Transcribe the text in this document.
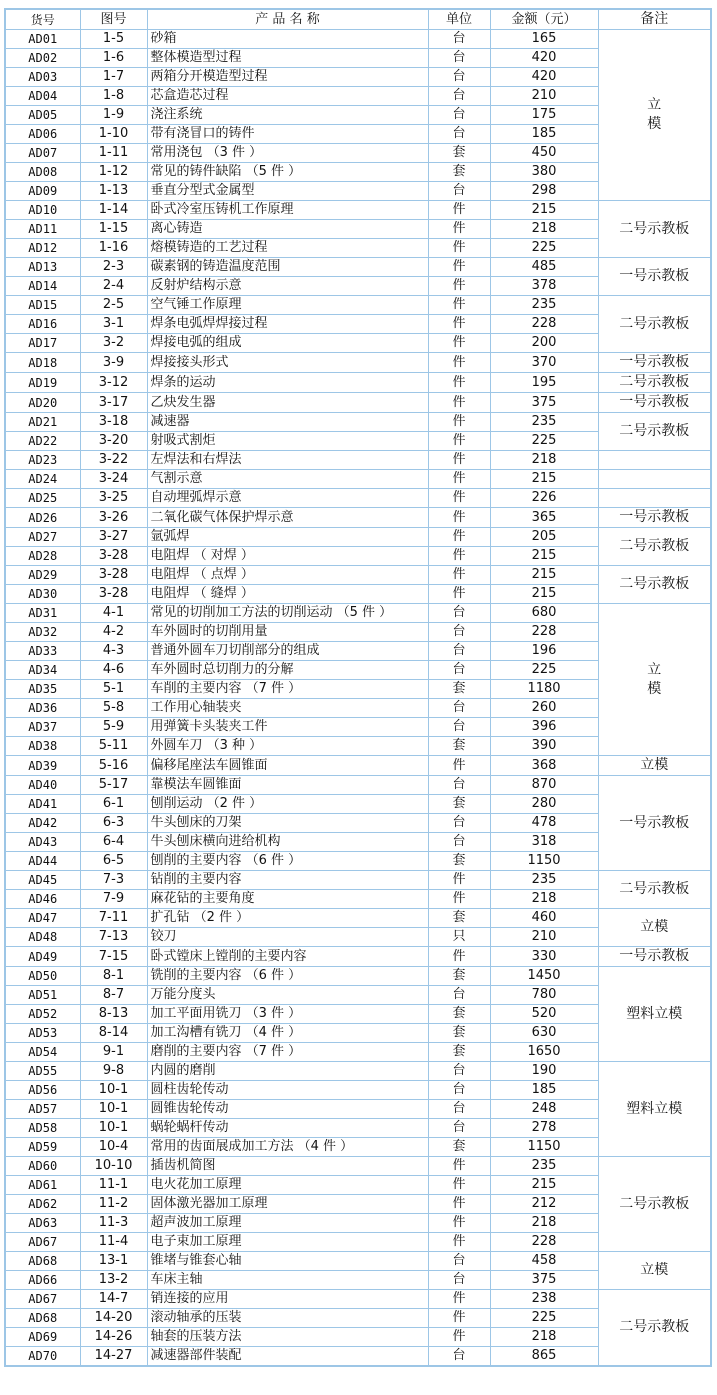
货号	图号	产 品 名 称	单位	金额（元）	备注
AD01	1-5	砂箱	台	165	立
模
AD02	1-6	整体模造型过程	台	420	
AD03	1-7	两箱分开模造型过程	台	420	
AD04	1-8	芯盒造芯过程	台	210	
AD05	1-9	浇注系统	台	175	
AD06	1-10	带有浇冒口的铸件	台	185	
AD07	1-11	常用浇包 （3 件 ）	套	450	
AD08	1-12	常见的铸件缺陷 （5 件 ）	套	380	
AD09	1-13	垂直分型式金属型	台	298	
AD10	1-14	卧式冷室压铸机工作原理	件	215	二号示教板
AD11	1-15	离心铸造	件	218	
AD12	1-16	熔模铸造的工艺过程	件	225	
AD13	2-3	碳素钢的铸造温度范围	件	485	一号示教板
AD14	2-4	反射炉结构示意	件	378	
AD15	2-5	空气锤工作原理	件	235	二号示教板
AD16	3-1	焊条电弧焊焊接过程	件	228	
AD17	3-2	焊接电弧的组成	件	200	
AD18	3-9	焊接接头形式	件	370	一号示教板
AD19	3-12	焊条的运动	件	195	二号示教板
AD20	3-17	乙炔发生器	件	375	一号示教板
AD21	3-18	减速器	件	235	二号示教板
AD22	3-20	射吸式割炬	件	225	
AD23	3-22	左焊法和右焊法	件	218	
AD24	3-24	气割示意	件	215	
AD25	3-25	自动埋弧焊示意	件	226	
AD26	3-26	二氧化碳气体保护焊示意	件	365	一号示教板
AD27	3-27	氩弧焊	件	205	二号示教板
AD28	3-28	电阻焊 （ 对焊 ）	件	215	
AD29	3-28	电阻焊 （ 点焊 ）	件	215	二号示教板
AD30	3-28	电阻焊 （ 缝焊 ）	件	215	
AD31	4-1	常见的切削加工方法的切削运动 （5 件 ）	台	680	立
模
AD32	4-2	车外圆时的切削用量	台	228	
AD33	4-3	普通外圆车刀切削部分的组成	台	196	
AD34	4-6	车外圆时总切削力的分解	台	225	
AD35	5-1	车削的主要内容 （7 件 ）	套	1180	
AD36	5-8	工作用心轴装夹	台	260	
AD37	5-9	用弹簧卡头装夹工件	台	396	
AD38	5-11	外圆车刀 （3 种 ）	套	390	
AD39	5-16	偏移尾座法车圆锥面	件	368	立模
AD40	5-17	靠模法车圆锥面	台	870	一号示教板
AD41	6-1	刨削运动 （2 件 ）	套	280	
AD42	6-3	牛头刨床的刀架	台	478	
AD43	6-4	牛头刨床横向进给机构	台	318	
AD44	6-5	刨削的主要内容 （6 件 ）	套	1150	
AD45	7-3	钻削的主要内容	件	235	二号示教板
AD46	7-9	麻花钻的主要角度	件	218	
AD47	7-11	扩孔钻 （2 件 ）	套	460	立模
AD48	7-13	铰刀	只	210	
AD49	7-15	卧式镗床上镗削的主要内容	件	330	一号示教板
AD50	8-1	铣削的主要内容 （6 件 ）	套	1450	塑料立模
AD51	8-7	万能分度头	台	780	
AD52	8-13	加工平面用铣刀 （3 件 ）	套	520	
AD53	8-14	加工沟槽有铣刀 （4 件 ）	套	630	
AD54	9-1	磨削的主要内容 （7 件 ）	套	1650	
AD55	9-8	内圆的磨削	台	190	塑料立模
AD56	10-1	圆柱齿轮传动	台	185	
AD57	10-1	圆锥齿轮传动	台	248	
AD58	10-1	蜗轮蜗杆传动	台	278	
AD59	10-4	常用的齿面展成加工方法 （4 件 ）	套	1150	
AD60	10-10	插齿机简图	件	235	二号示教板
AD61	11-1	电火花加工原理	件	215	
AD62	11-2	固体激光器加工原理	件	212	
AD63	11-3	超声波加工原理	件	218	
AD67	11-4	电子束加工原理	件	228	
AD68	13-1	锥堵与锥套心轴	台	458	立模
AD66	13-2	车床主轴	台	375	
AD67	14-7	销连接的应用	件	238	二号示教板
AD68	14-20	滚动轴承的压装	件	225	
AD69	14-26	轴套的压装方法	件	218	
AD70	14-27	减速器部件装配	台	865	
